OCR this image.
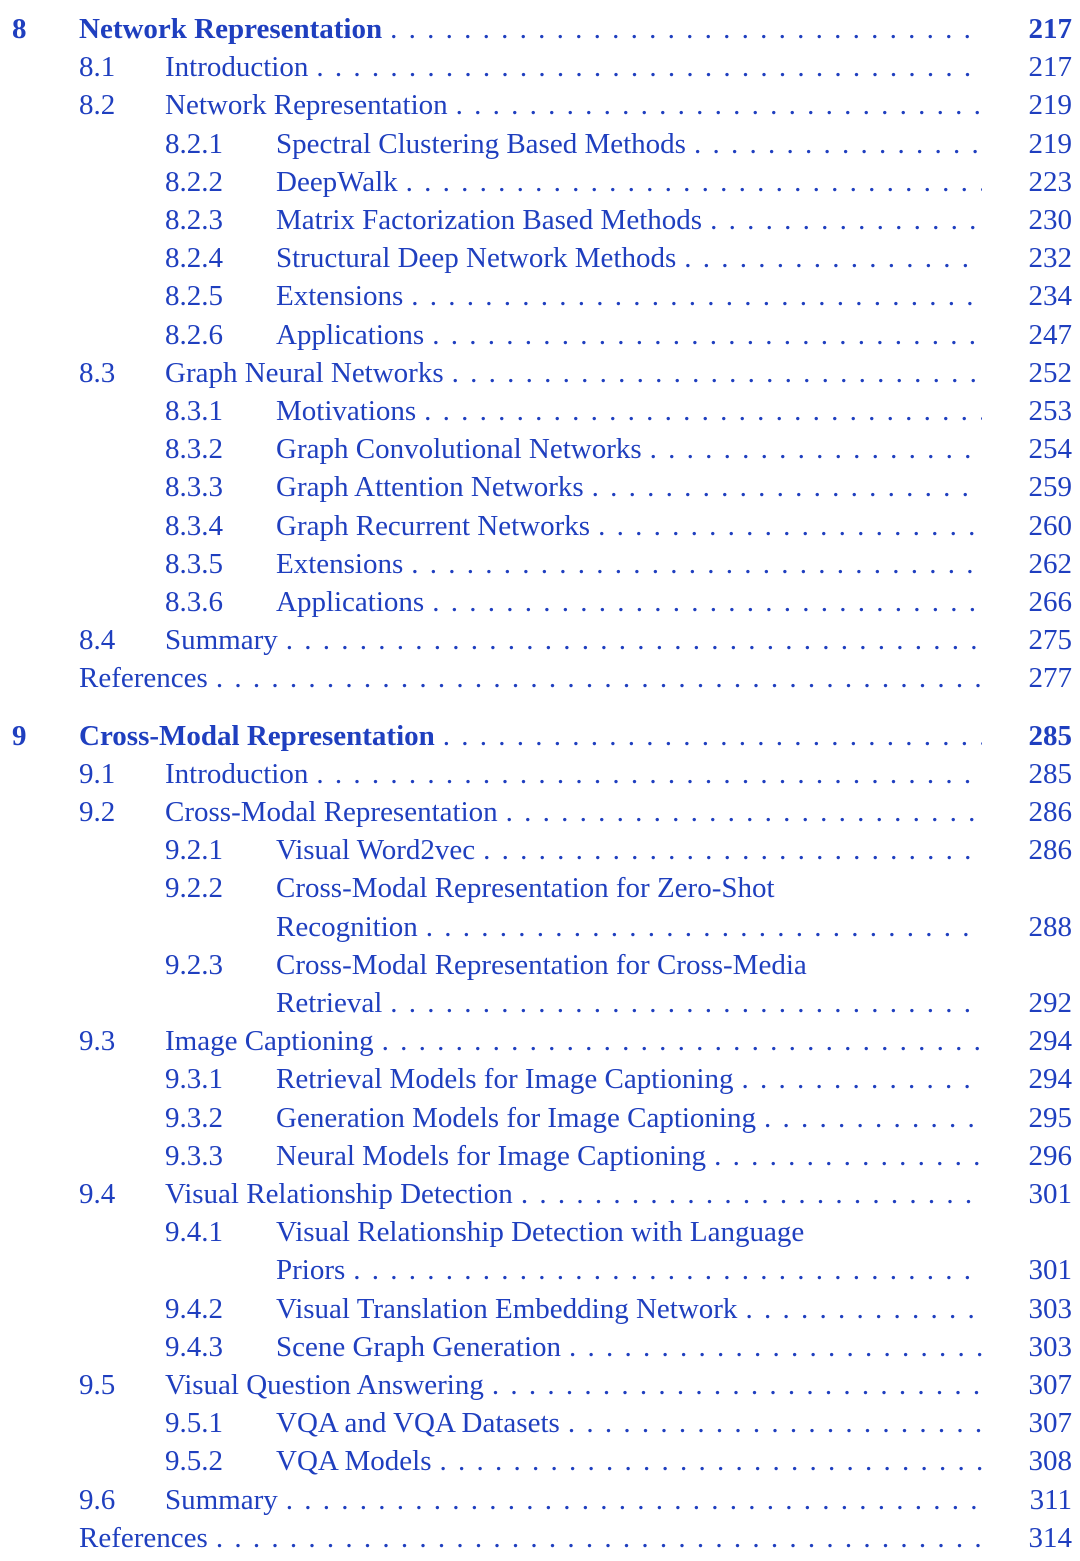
8 Network Representation . . .	217
8.1 Introduction . . .	217
8.2 Network Representation . . .	219
8.2.1 Spectral Clustering Based Methods . . .	219
8.2.2 DeepWalk . . .	223
8.2.3 Matrix Factorization Based Methods . . .	230
8.2.4 Structural Deep Network Methods . . .	232
8.2.5 Extensions . . .	234
8.2.6 Applications . . .	247
8.3 Graph Neural Networks . . .	252
8.3.1 Motivations . . .	253
8.3.2 Graph Convolutional Networks . . .	254
8.3.3 Graph Attention Networks . . .	259
8.3.4 Graph Recurrent Networks . . .	260
8.3.5 Extensions . . .	262
8.3.6 Applications . . .	266
8.4 Summary . . .	275
References . . .	277
9 Cross-Modal Representation . . .	285
9.1 Introduction . . .	285
9.2 Cross-Modal Representation . . .	286
9.2.1 Visual Word2vec . . .	286
9.2.2 Cross-Modal Representation for Zero-Shot
Recognition . . .	288
9.2.3 Cross-Modal Representation for Cross-Media
Retrieval . . .	292
9.3 Image Captioning . . .	294
9.3.1 Retrieval Models for Image Captioning . . .	294
9.3.2 Generation Models for Image Captioning . . .	295
9.3.3 Neural Models for Image Captioning . . .	296
9.4 Visual Relationship Detection . . .	301
9.4.1 Visual Relationship Detection with Language
Priors . . .	301
9.4.2 Visual Translation Embedding Network . . .	303
9.4.3 Scene Graph Generation . . .	303
9.5 Visual Question Answering . . .	307
9.5.1 VQA and VQA Datasets . . .	307
9.5.2 VQA Models . . .	308
9.6 Summary . . .	311
References . . .	314
